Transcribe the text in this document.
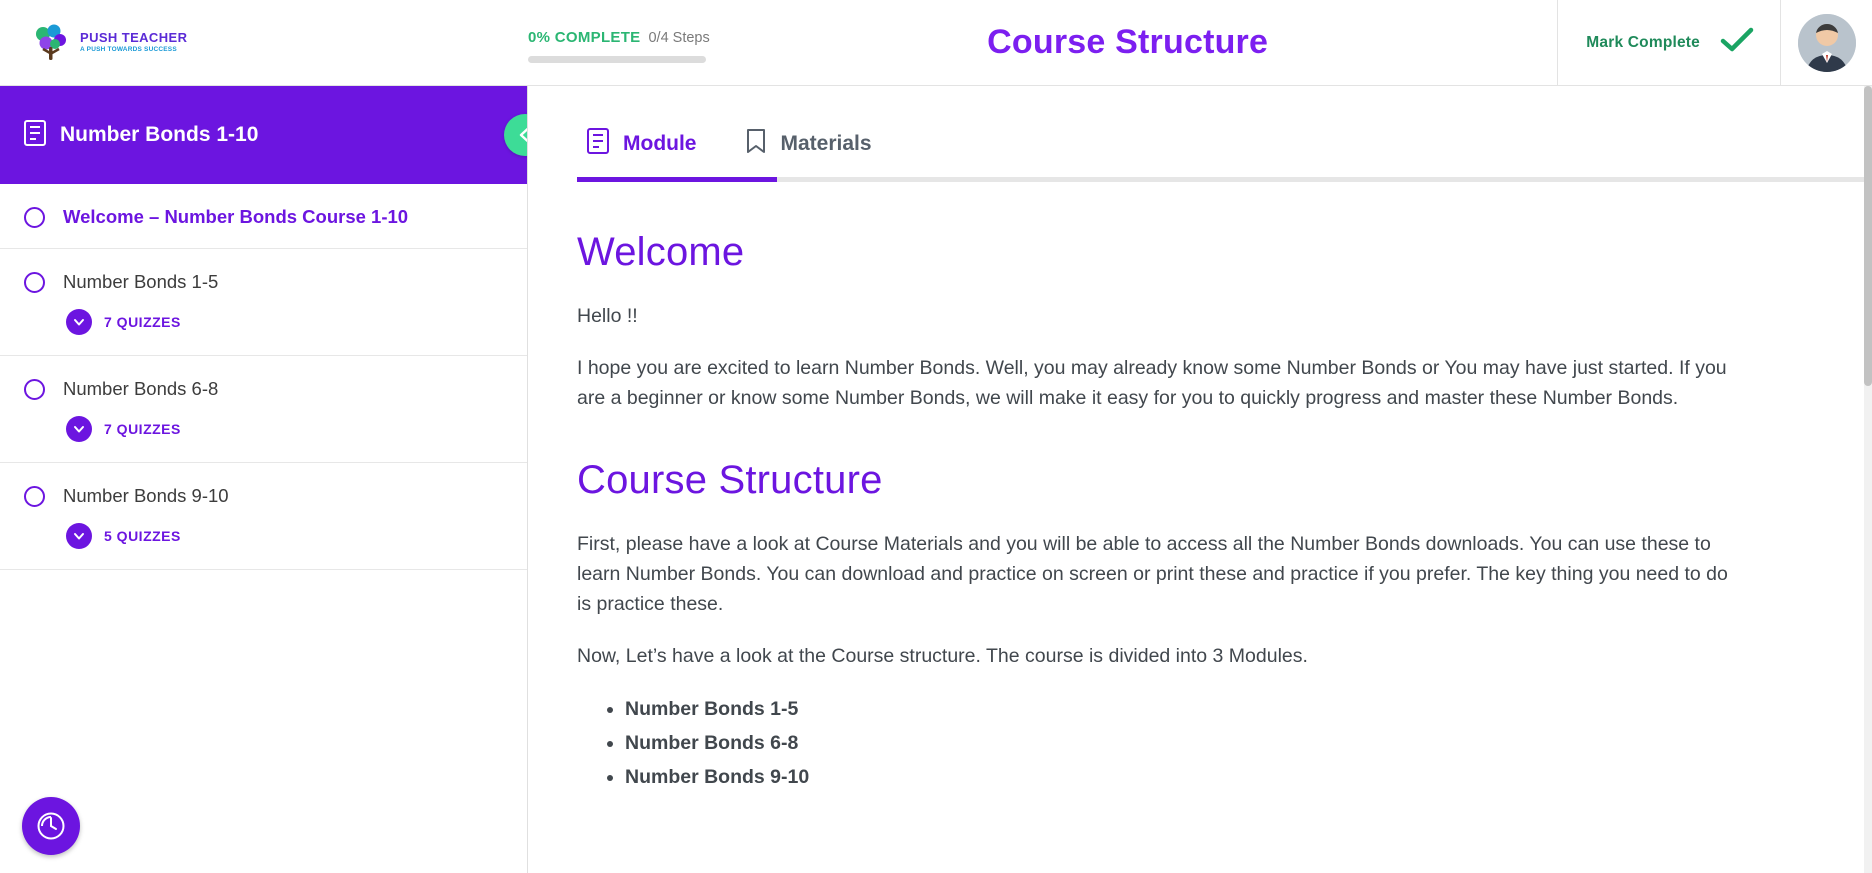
PUSH TEACHER
A PUSH TOWARDS SUCCESS
0% COMPLETE 0/4 Steps	Course Structure	Mark Complete
Number Bonds 1-10
Welcome – Number Bonds Course 1-10
Number Bonds 1-5
7 QUIZZES
Number Bonds 6-8
7 QUIZZES
Number Bonds 9-10
5 QUIZZES
Module	Materials
Welcome

Hello !!

I hope you are excited to learn Number Bonds. Well, you may already know some Number Bonds or You may have just started. If you are a beginner or know some Number Bonds, we will make it easy for you to quickly progress and master these Number Bonds.

Course Structure

First, please have a look at Course Materials and you will be able to access all the Number Bonds downloads. You can use these to learn Number Bonds. You can download and practice on screen or print these and practice if you prefer. The key thing you need to do is practice these.

Now, Let’s have a look at the Course structure. The course is divided into 3 Modules.

• Number Bonds 1-5
• Number Bonds 6-8
• Number Bonds 9-10
